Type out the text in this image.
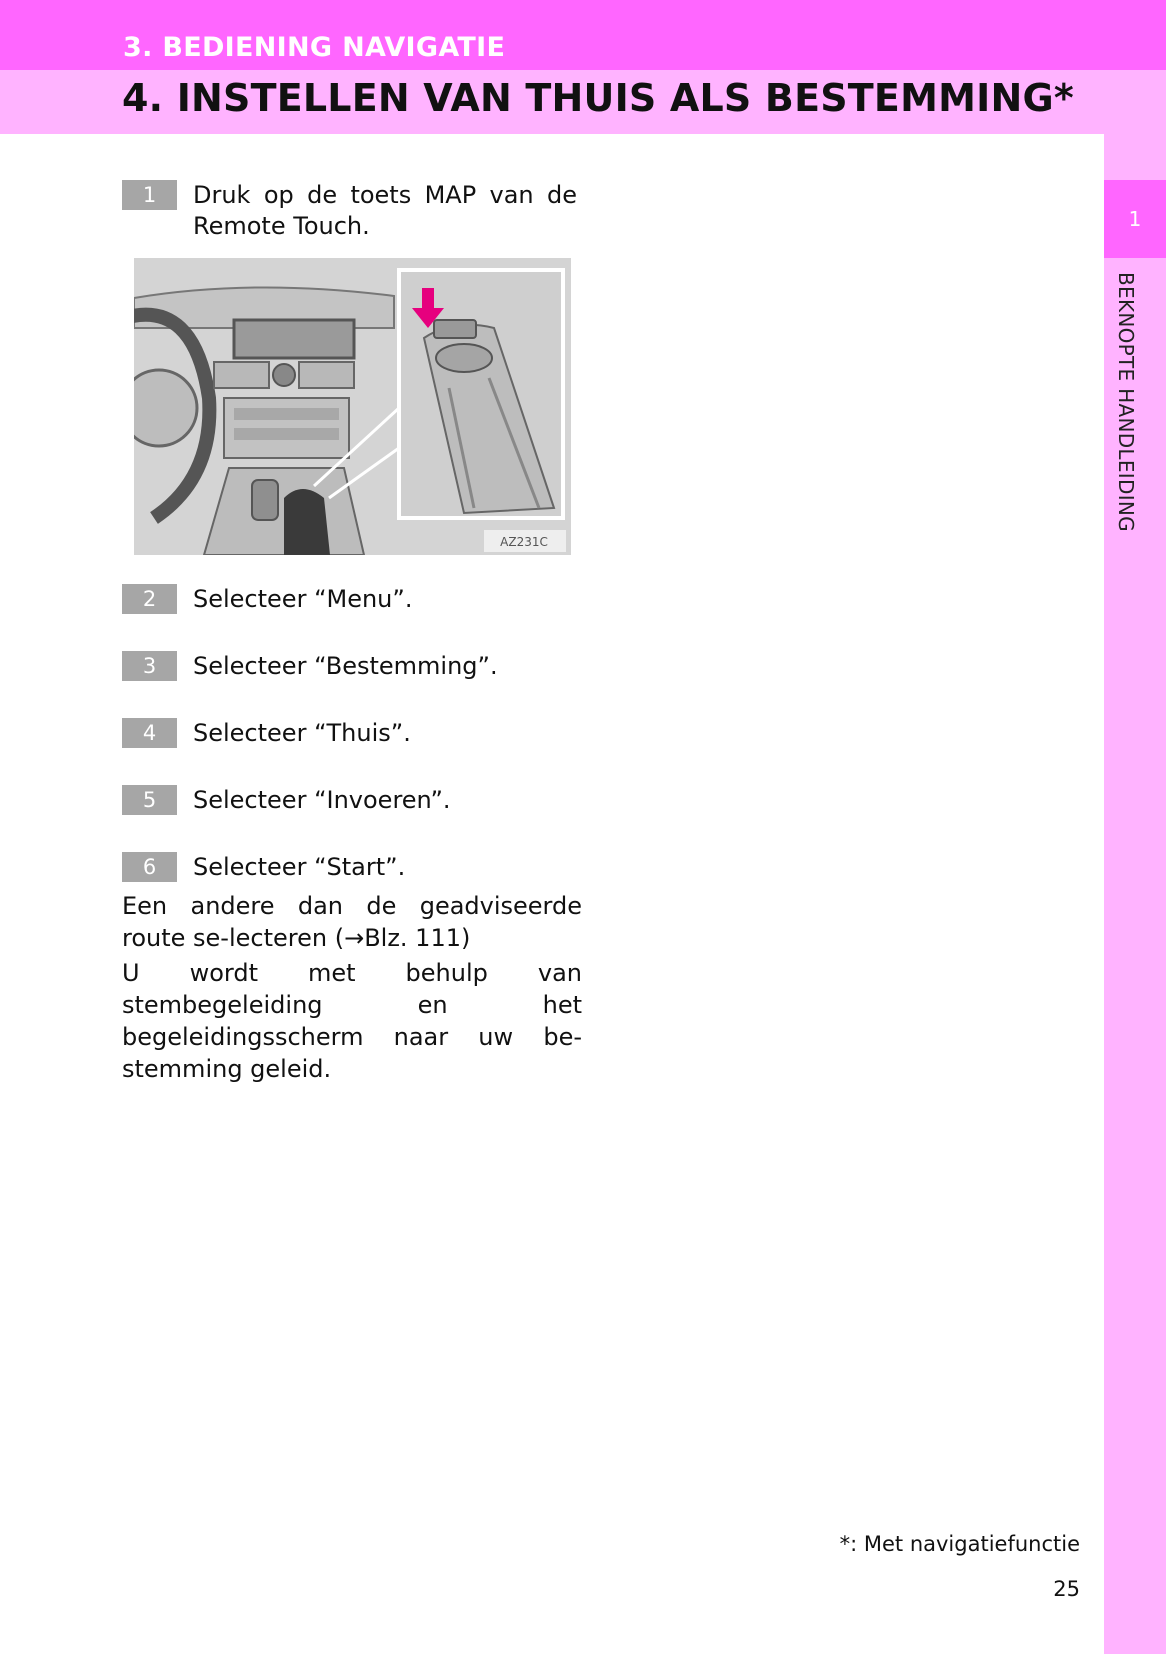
3. BEDIENING NAVIGATIE
4. INSTELLEN VAN THUIS ALS BESTEMMING*
1
BEKNOPTE HANDLEIDING
1	Druk op de toets MAP van de Remote Touch.
AZ231C
2	Selecteer “Menu”.
3	Selecteer “Bestemming”.
4	Selecteer “Thuis”.
5	Selecteer “Invoeren”.
6	Selecteer “Start”.
Een andere dan de geadviseerde route se-lecteren (→Blz. 111)
U wordt met behulp van stembegeleiding en het begeleidingsscherm naar uw be-stemming geleid.
*: Met navigatiefunctie
25
